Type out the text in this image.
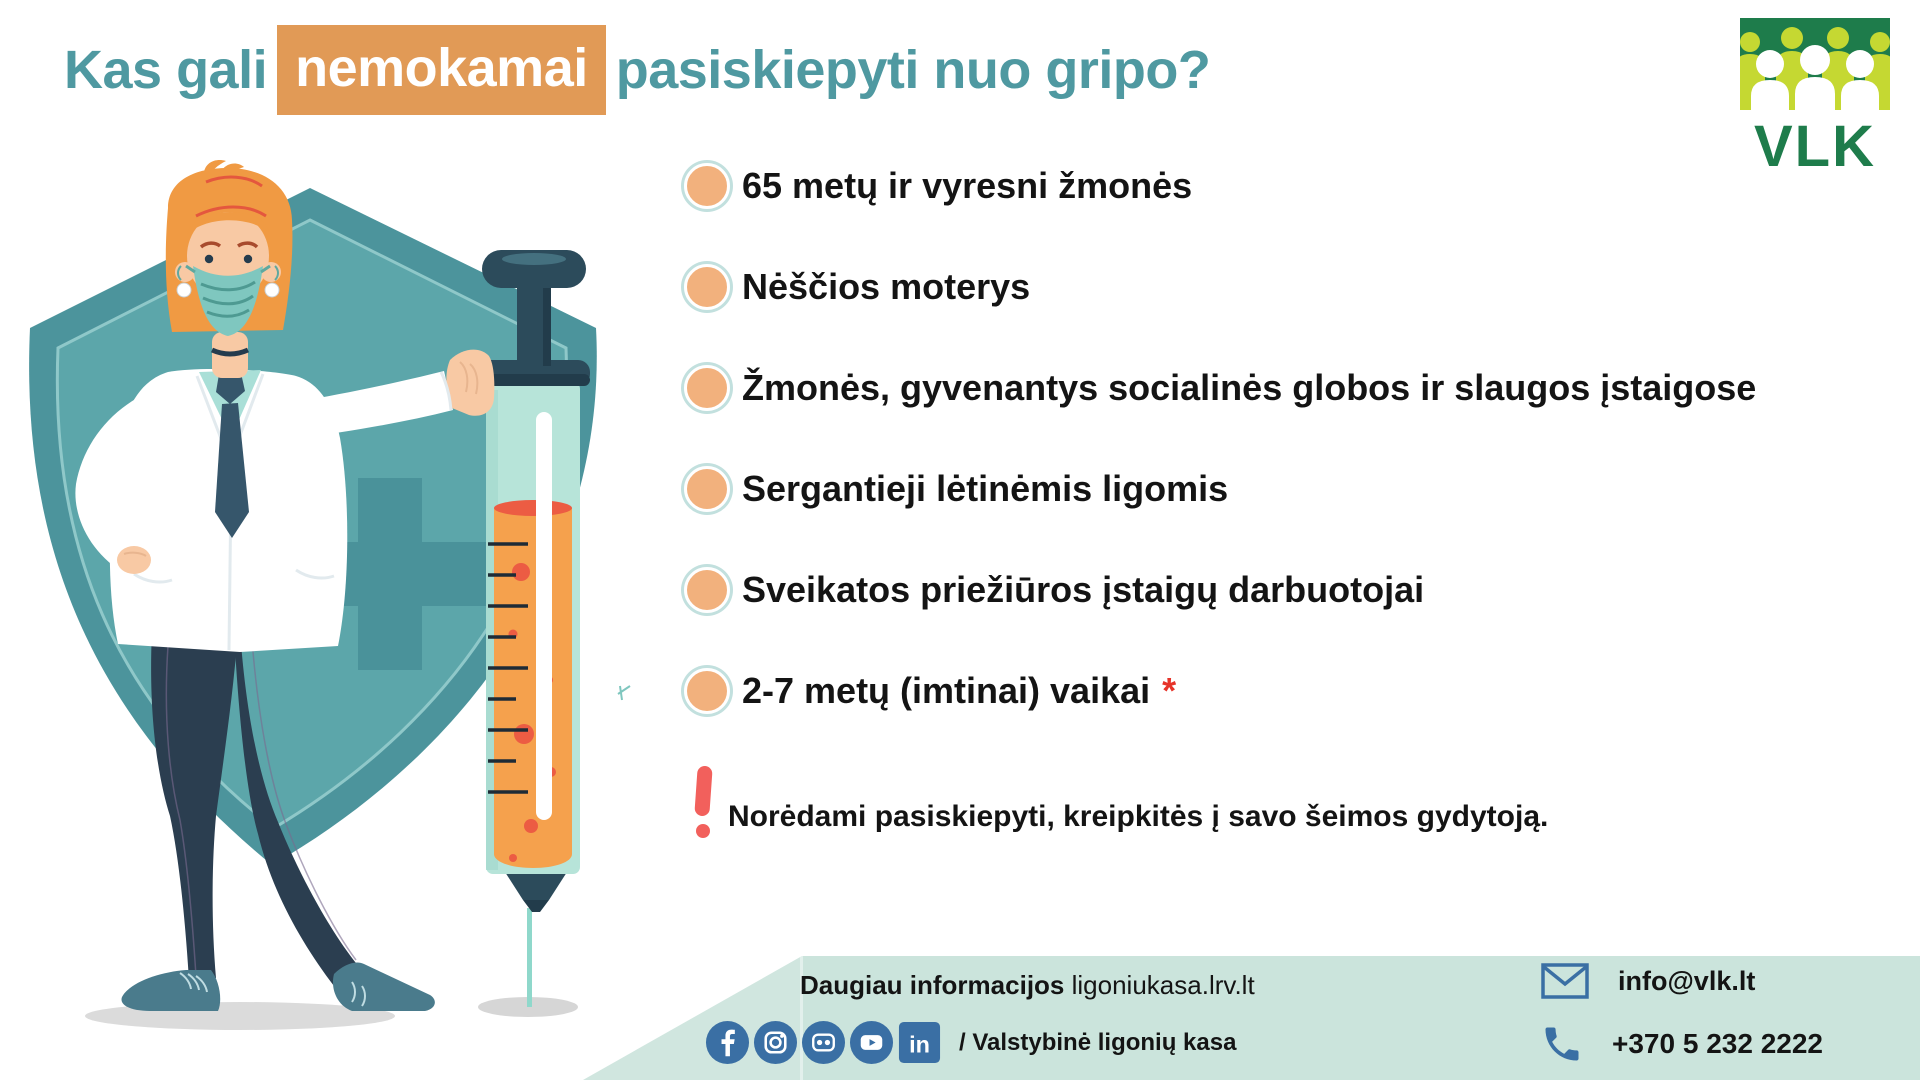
Kas gali nemokamai pasiskiepyti nuo gripo?
VLK
65 metų ir vyresni žmonės
Nėščios moterys
Žmonės, gyvenantys socialinės globos ir slaugos įstaigose
Sergantieji lėtinėmis ligomis
Sveikatos priežiūros įstaigų darbuotojai
2-7 metų (imtinai) vaikai *
Norėdami pasiskiepyti, kreipkitės į savo šeimos gydytoją.
Daugiau informacijos ligoniukasa.lrv.lt
in / Valstybinė ligonių kasa
info@vlk.lt
+370 5 232 2222
